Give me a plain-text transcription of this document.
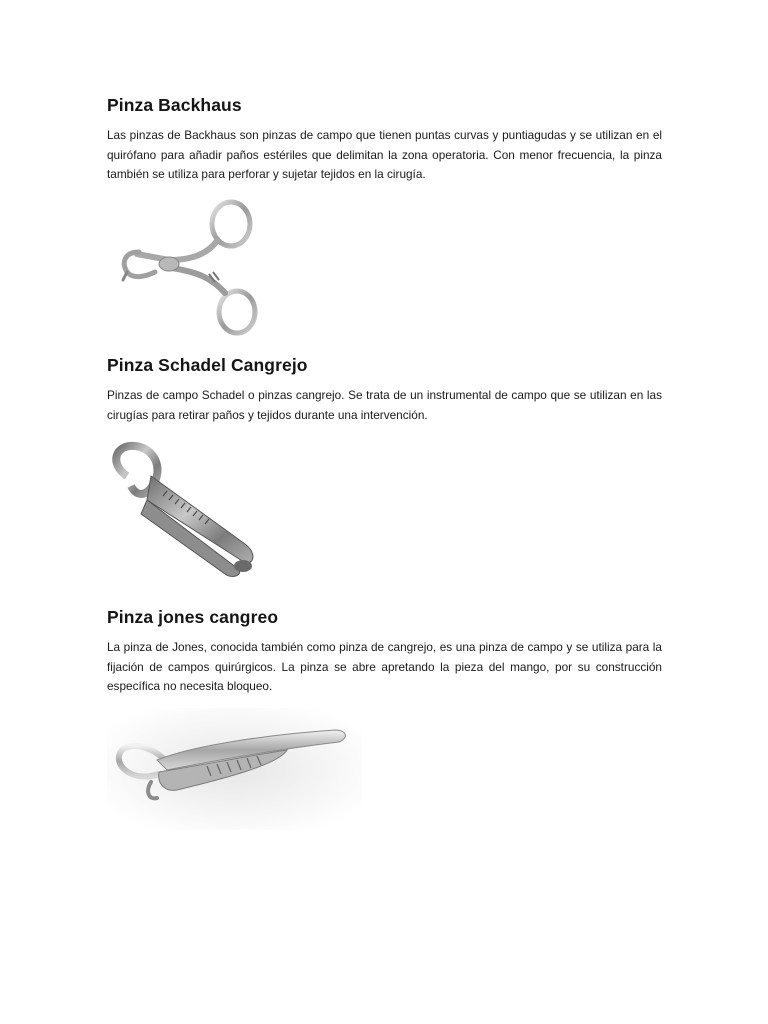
Pinza Backhaus

Las pinzas de Backhaus son pinzas de campo que tienen puntas curvas y puntiagudas y se utilizan en el quirófano para añadir paños estériles que delimitan la zona operatoria. Con menor frecuencia, la pinza también se utiliza para perforar y sujetar tejidos en la cirugía.

Pinza Schadel Cangrejo

Pinzas de campo Schadel o pinzas cangrejo. Se trata de un instrumental de campo que se utilizan en las cirugías para retirar paños y tejidos durante una intervención.

Pinza jones cangreo

La pinza de Jones, conocida también como pinza de cangrejo, es una pinza de campo y se utiliza para la fijación de campos quirúrgicos. La pinza se abre apretando la pieza del mango, por su construcción específica no necesita bloqueo.
